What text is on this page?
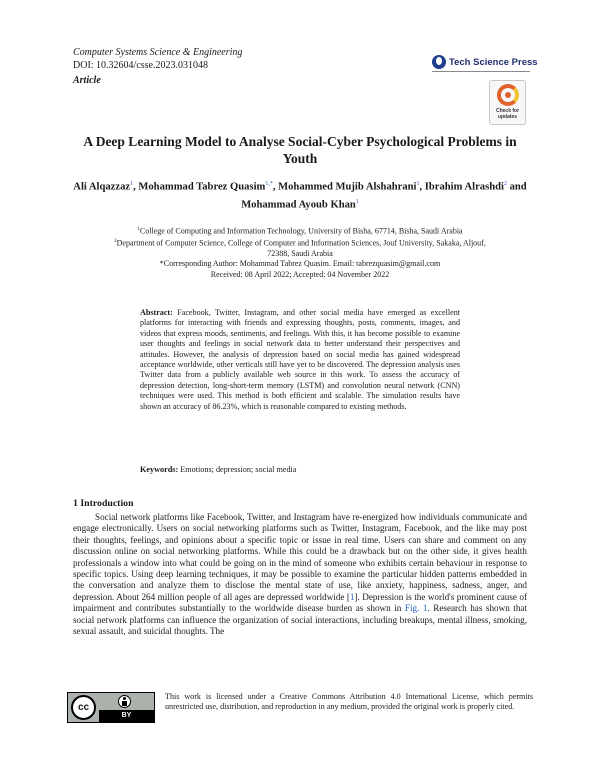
Computer Systems Science & Engineering
DOI: 10.32604/csse.2023.031048
Article
Tech Science Press
Check for
updates
A Deep Learning Model to Analyse Social-Cyber Psychological Problems in Youth
Ali Alqazzaz$^1$, Mohammad Tabrez Quasim$^{1,*}$, Mohammed Mujib Alshahrani$^1$, Ibrahim Alrashdi$^2$ and Mohammad Ayoub Khan$^1$
$^1$College of Computing and Information Technology, University of Bisha, 67714, Bisha, Saudi Arabia
$^2$Department of Computer Science, College of Computer and Information Sciences, Jouf University, Sakaka, Aljouf, 72388, Saudi Arabia
*Corresponding Author: Mohammad Tabrez Quasim. Email: tabrezquasim@gmail.com
Received: 08 April 2022; Accepted: 04 November 2022
Abstract: Facebook, Twitter, Instagram, and other social media have emerged as excellent platforms for interacting with friends and expressing thoughts, posts, comments, images, and videos that express moods, sentiments, and feelings. With this, it has become possible to examine user thoughts and feelings in social network data to better understand their perspectives and attitudes. However, the analysis of depression based on social media has gained widespread acceptance worldwide, other verticals still have yet to be discovered. The depression analysis uses Twitter data from a publicly available web source in this work. To assess the accuracy of depression detection, long-short-term memory (LSTM) and convolution neural network (CNN) techniques were used. This method is both efficient and scalable. The simulation results have shown an accuracy of 86.23%, which is reasonable compared to existing methods.
Keywords: Emotions; depression; social media
1 Introduction
Social network platforms like Facebook, Twitter, and Instagram have re-energized how individuals communicate and engage electronically. Users on social networking platforms such as Twitter, Instagram, Facebook, and the like may post their thoughts, feelings, and opinions about a specific topic or issue in real time. Users can share and comment on any discussion online on social networking platforms. While this could be a drawback but on the other side, it gives health professionals a window into what could be going on in the mind of someone who exhibits certain behaviour in response to specific topics. Using deep learning techniques, it may be possible to examine the particular hidden patterns embedded in the conversation and analyze them to disclose the mental state of use, like anxiety, happiness, sadness, anger, and depression. About 264 million people of all ages are depressed worldwide [1]. Depression is the world's prominent cause of impairment and contributes substantially to the worldwide disease burden as shown in Fig. 1. Research has shown that social network platforms can influence the organization of social interactions, including breakups, mental illness, smoking, sexual assault, and suicidal thoughts. The
cc
BY
This work is licensed under a Creative Commons Attribution 4.0 International License, which permits unrestricted use, distribution, and reproduction in any medium, provided the original work is properly cited.
